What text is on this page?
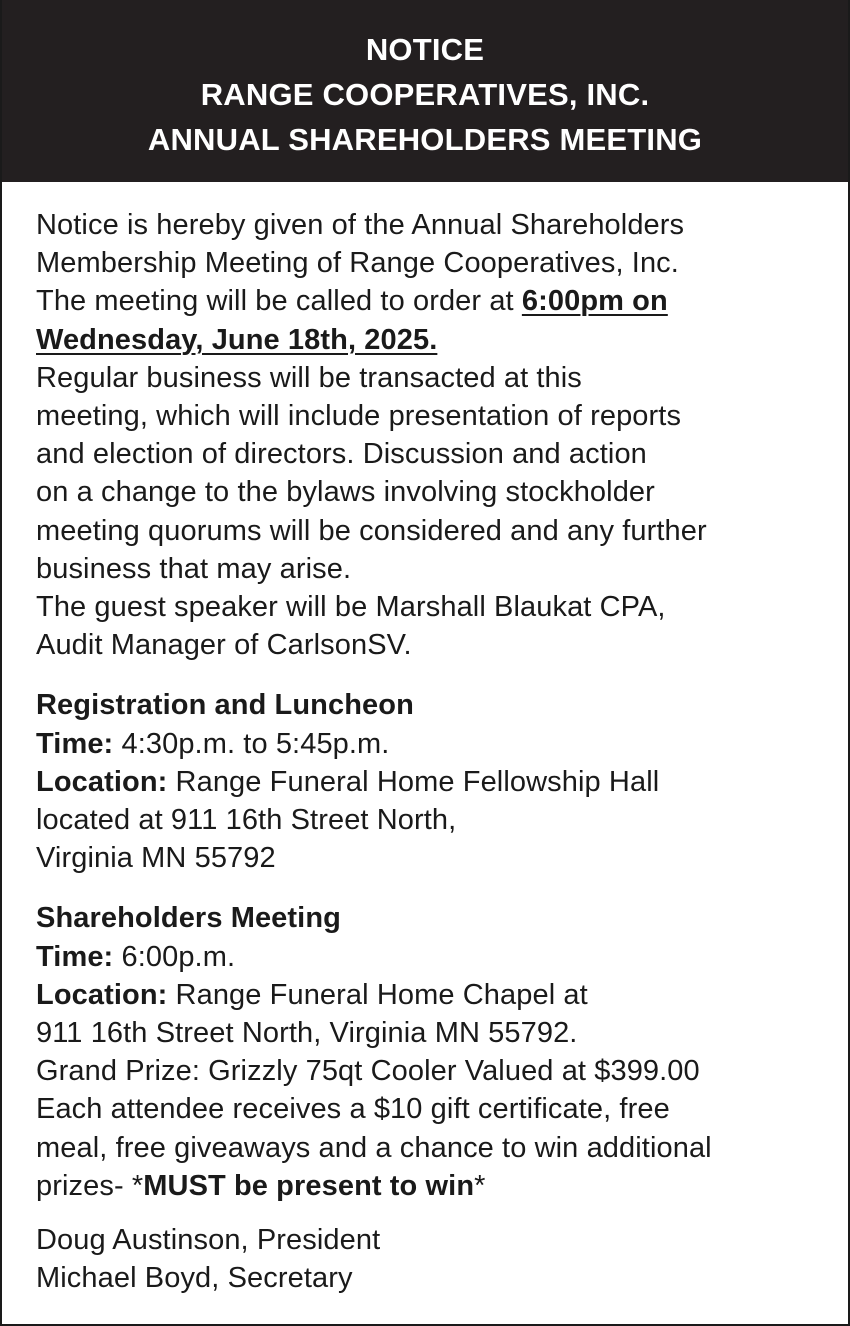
NOTICE
RANGE COOPERATIVES, INC.
ANNUAL SHAREHOLDERS MEETING

Notice is hereby given of the Annual Shareholders

Membership Meeting of Range Cooperatives, Inc.

The meeting will be called to order at 6:00pm on

Wednesday, June 18th, 2025.

Regular business will be transacted at this

meeting, which will include presentation of reports

and election of directors. Discussion and action

on a change to the bylaws involving stockholder

meeting quorums will be considered and any further

business that may arise.

The guest speaker will be Marshall Blaukat CPA,

Audit Manager of CarlsonSV.

Registration and Luncheon

Time: 4:30p.m. to 5:45p.m.

Location: Range Funeral Home Fellowship Hall

located at 911 16th Street North,

Virginia MN 55792

Shareholders Meeting

Time: 6:00p.m.

Location: Range Funeral Home Chapel at

911 16th Street North, Virginia MN 55792.

Grand Prize: Grizzly 75qt Cooler Valued at $399.00

Each attendee receives a $10 gift certificate, free

meal, free giveaways and a chance to win additional

prizes- *MUST be present to win*

Doug Austinson, President

Michael Boyd, Secretary
